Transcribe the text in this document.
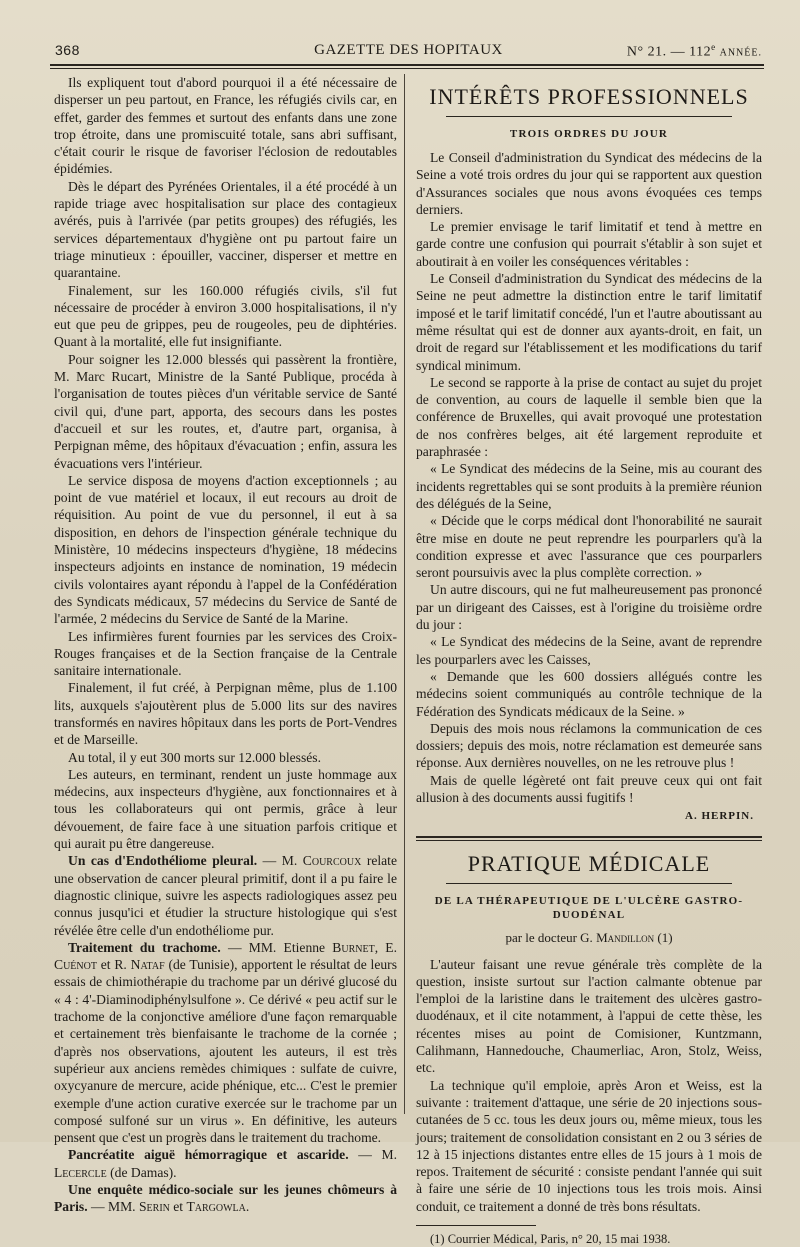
368	GAZETTE DES HOPITAUX	N° 21. — 112e ANNÉE.

Ils expliquent tout d'abord pourquoi il a été nécessaire de disperser un peu partout, en France, les réfugiés civils car, en effet, garder des femmes et surtout des enfants dans une zone trop étroite, dans une promiscuité totale, sans abri suffisant, c'était courir le risque de favoriser l'éclosion de redoutables épidémies.

Dès le départ des Pyrénées Orientales, il a été procédé à un rapide triage avec hospitalisation sur place des contagieux avérés, puis à l'arrivée (par petits groupes) des réfugiés, les services départementaux d'hygiène ont pu partout faire un triage minutieux : épouiller, vacciner, disperser et mettre en quarantaine.

Finalement, sur les 160.000 réfugiés civils, s'il fut nécessaire de procéder à environ 3.000 hospitalisations, il n'y eut que peu de grippes, peu de rougeoles, peu de diphtéries. Quant à la mortalité, elle fut insignifiante.

Pour soigner les 12.000 blessés qui passèrent la frontière, M. Marc Rucart, Ministre de la Santé Publique, procéda à l'organisation de toutes pièces d'un véritable service de Santé civil qui, d'une part, apporta, des secours dans les postes d'accueil et sur les routes, et, d'autre part, organisa, à Perpignan même, des hôpitaux d'évacuation ; enfin, assura les évacuations vers l'intérieur.

Le service disposa de moyens d'action exceptionnels ; au point de vue matériel et locaux, il eut recours au droit de réquisition. Au point de vue du personnel, il eut à sa disposition, en dehors de l'inspection générale technique du Ministère, 10 médecins inspecteurs d'hygiène, 18 médecins inspecteurs adjoints en instance de nomination, 19 médecin civils volontaires ayant répondu à l'appel de la Confédération des Syndicats médicaux, 57 médecins du Service de Santé de l'armée, 2 médecins du Service de Santé de la Marine.

Les infirmières furent fournies par les services des Croix-Rouges françaises et de la Section française de la Centrale sanitaire internationale.

Finalement, il fut créé, à Perpignan même, plus de 1.100 lits, auxquels s'ajoutèrent plus de 5.000 lits sur des navires transformés en navires hôpitaux dans les ports de Port-Vendres et de Marseille.

Au total, il y eut 300 morts sur 12.000 blessés.

Les auteurs, en terminant, rendent un juste hommage aux médecins, aux inspecteurs d'hygiène, aux fonctionnaires et à tous les collaborateurs qui ont permis, grâce à leur dévouement, de faire face à une situation parfois critique et qui aurait pu être dangereuse.

Un cas d'Endothéliome pleural. — M. Courcoux relate une observation de cancer pleural primitif, dont il a pu faire le diagnostic clinique, suivre les aspects radiologiques assez peu connus jusqu'ici et étudier la structure histologique qui s'est révélée être celle d'un endothéliome pur.

Traitement du trachome. — MM. Etienne Burnet, E. Cuénot et R. Nataf (de Tunisie), apportent le résultat de leurs essais de chimiothérapie du trachome par un dérivé glucosé du « 4 : 4'-Diaminodiphénylsulfone ». Ce dérivé « peu actif sur le trachome de la conjonctive améliore d'une façon remarquable et certainement très bienfaisante le trachome de la cornée ; d'après nos observations, ajoutent les auteurs, il est très supérieur aux anciens remèdes chimiques : sulfate de cuivre, oxycyanure de mercure, acide phénique, etc... C'est le premier exemple d'une action curative exercée sur le trachome par un composé sulfoné sur un virus ». En définitive, les auteurs pensent que c'est un progrès dans le traitement du trachome.

Pancréatite aiguë hémorragique et ascaride. — M. Lecercle (de Damas).

Une enquête médico-sociale sur les jeunes chômeurs à Paris. — MM. Serin et Targowla.

INTÉRÊTS PROFESSIONNELS
TROIS ORDRES DU JOUR

Le Conseil d'administration du Syndicat des médecins de la Seine a voté trois ordres du jour qui se rapportent aux question d'Assurances sociales que nous avons évoquées ces temps derniers.

Le premier envisage le tarif limitatif et tend à mettre en garde contre une confusion qui pourrait s'établir à son sujet et aboutirait à en voiler les conséquences véritables :

Le Conseil d'administration du Syndicat des médecins de la Seine ne peut admettre la distinction entre le tarif limitatif imposé et le tarif limitatif concédé, l'un et l'autre aboutissant au même résultat qui est de donner aux ayants-droit, en fait, un droit de regard sur l'établissement et les modifications du tarif syndical minimum.

Le second se rapporte à la prise de contact au sujet du projet de convention, au cours de laquelle il semble bien que la conférence de Bruxelles, qui avait provoqué une protestation de nos confrères belges, ait été largement reproduite et paraphrasée :

« Le Syndicat des médecins de la Seine, mis au courant des incidents regrettables qui se sont produits à la première réunion des délégués de la Seine,

« Décide que le corps médical dont l'honorabilité ne saurait être mise en doute ne peut reprendre les pourparlers qu'à la condition expresse et avec l'assurance que ces pourparlers seront poursuivis avec la plus complète correction. »

Un autre discours, qui ne fut malheureusement pas prononcé par un dirigeant des Caisses, est à l'origine du troisième ordre du jour :

« Le Syndicat des médecins de la Seine, avant de reprendre les pourparlers avec les Caisses,

« Demande que les 600 dossiers allégués contre les médecins soient communiqués au contrôle technique de la Fédération des Syndicats médicaux de la Seine. »

Depuis des mois nous réclamons la communication de ces dossiers; depuis des mois, notre réclamation est demeurée sans réponse. Aux dernières nouvelles, on ne les retrouve plus !

Mais de quelle légèreté ont fait preuve ceux qui ont fait allusion à des documents aussi fugitifs !

A. HERPIN.
PRATIQUE MÉDICALE
DE LA THÉRAPEUTIQUE DE L'ULCÈRE GASTRO-DUODÉNAL
par le docteur G. Mandillon (1)

L'auteur faisant une revue générale très complète de la question, insiste surtout sur l'action calmante obtenue par l'emploi de la laristine dans le traitement des ulcères gastro-duodénaux, et il cite notamment, à l'appui de cette thèse, les récentes mises au point de Comisioner, Kuntzmann, Calihmann, Hannedouche, Chaumerliac, Aron, Stolz, Weiss, etc.

La technique qu'il emploie, après Aron et Weiss, est la suivante : traitement d'attaque, une série de 20 injections sous-cutanées de 5 cc. tous les deux jours ou, même mieux, tous les jours; traitement de consolidation consistant en 2 ou 3 séries de 12 à 15 injections distantes entre elles de 15 jours à 1 mois de repos. Traitement de sécurité : consiste pendant l'année qui suit à faire une série de 10 injections tous les trois mois. Ainsi conduit, ce traitement a donné de très bons résultats.

(1) Courrier Médical, Paris, n° 20, 15 mai 1938.
